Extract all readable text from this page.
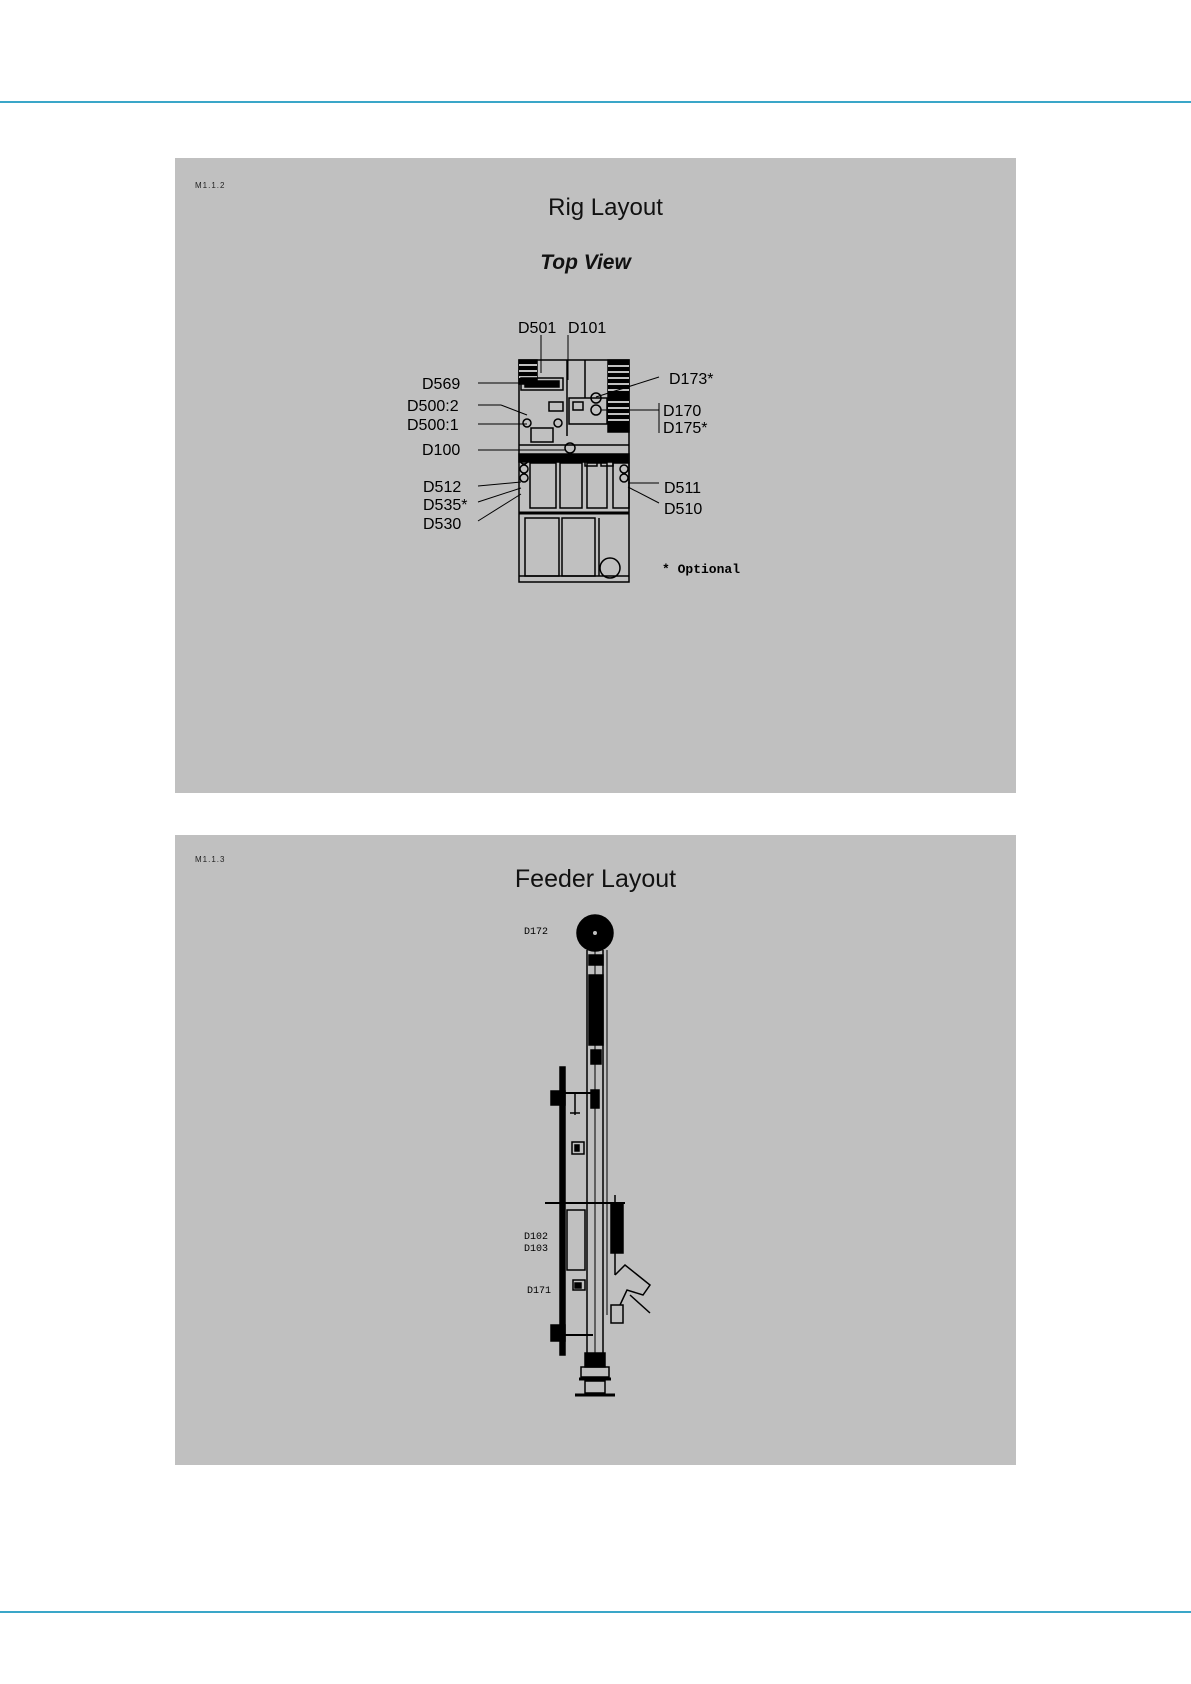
M1.1.2
Rig Layout
Top View
D501 D101
D569
D500:2
D500:1
D100
D512
D535*
D530
D173*
D170
D175*
D511
D510
* Optional
M1.1.3
Feeder Layout
D172
D102
D103
D171
